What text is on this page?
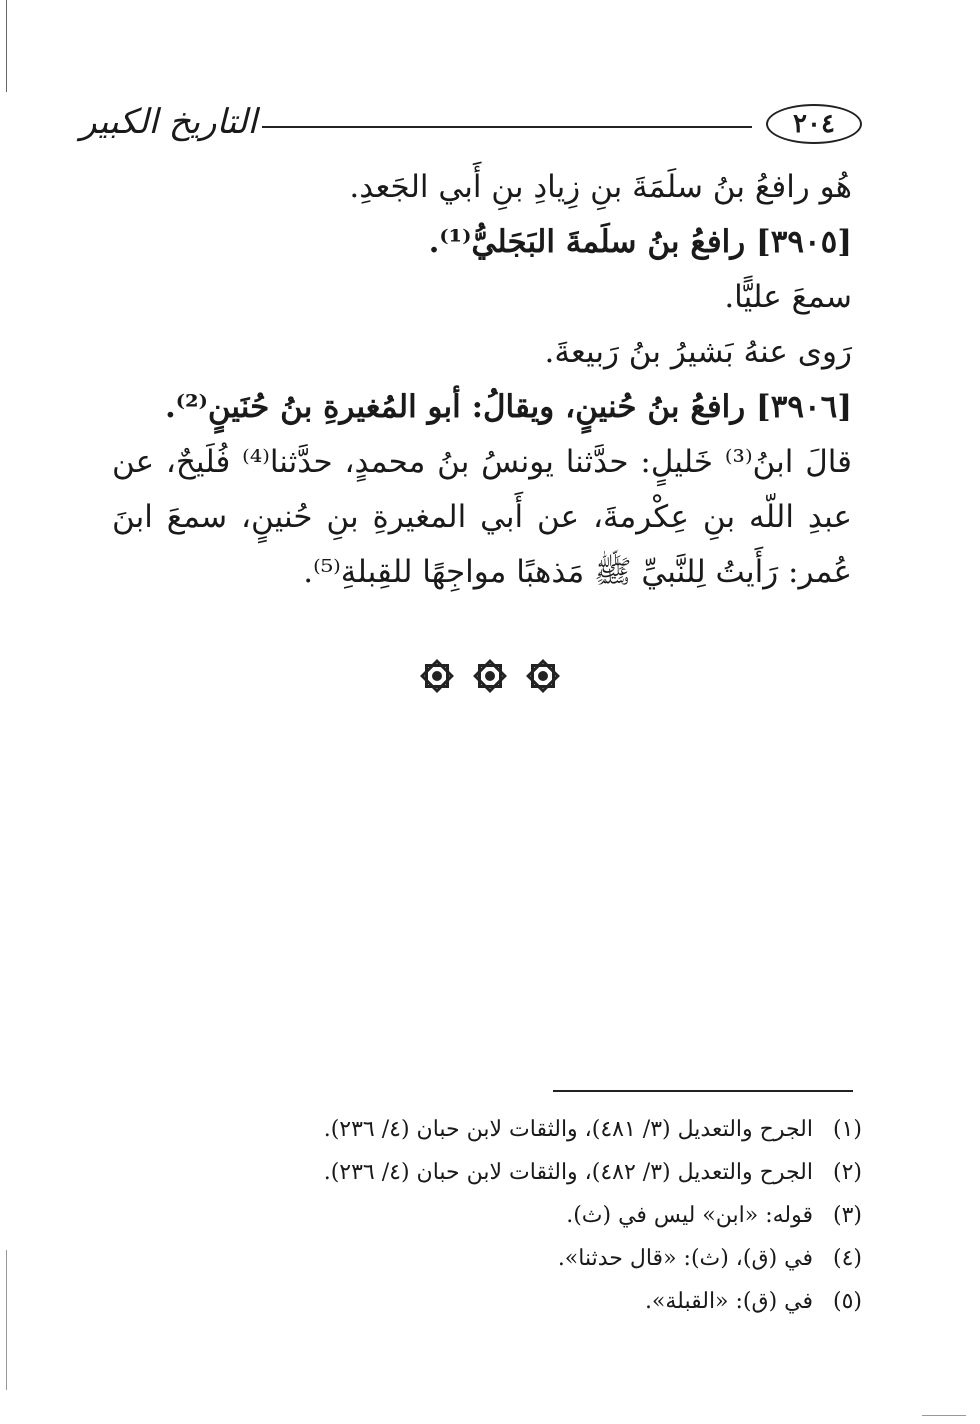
التاريخ الكبير	٢٠٤

هُو رافعُ بنُ سلَمَةَ بنِ زِيادِ بنِ أَبي الجَعدِ.

[٣٩٠٥] رافعُ بنُ سلَمةَ البَجَليُّ⁽¹⁾.

سمعَ عليًّا.

رَوى عنهُ بَشيرُ بنُ رَبيعةَ.

[٣٩٠٦] رافعُ بنُ حُنينٍ، ويقالُ: أبو المُغيرةِ بنُ حُنَينٍ⁽²⁾.

قالَ ابنُ⁽³⁾ خَليلٍ: حدَّثنا يونسُ بنُ محمدٍ، حدَّثنا⁽⁴⁾ فُلَيحٌ، عن عبدِ اللّه بنِ عِكْرمةَ، عن أَبي المغيرةِ بنِ حُنينٍ، سمعَ ابنَ عُمر: رَأَيتُ لِلنَّبيِّ ﷺ مَذهبًا مواجِهًا للقِبلةِ⁽⁵⁾.

(١) الجرح والتعديل (٣/ ٤٨١)، والثقات لابن حبان (٤/ ٢٣٦).
(٢) الجرح والتعديل (٣/ ٤٨٢)، والثقات لابن حبان (٤/ ٢٣٦).
(٣) قوله: «ابن» ليس في (ث).
(٤) في (ق)، (ث): «قال حدثنا».
(٥) في (ق): «القبلة».
